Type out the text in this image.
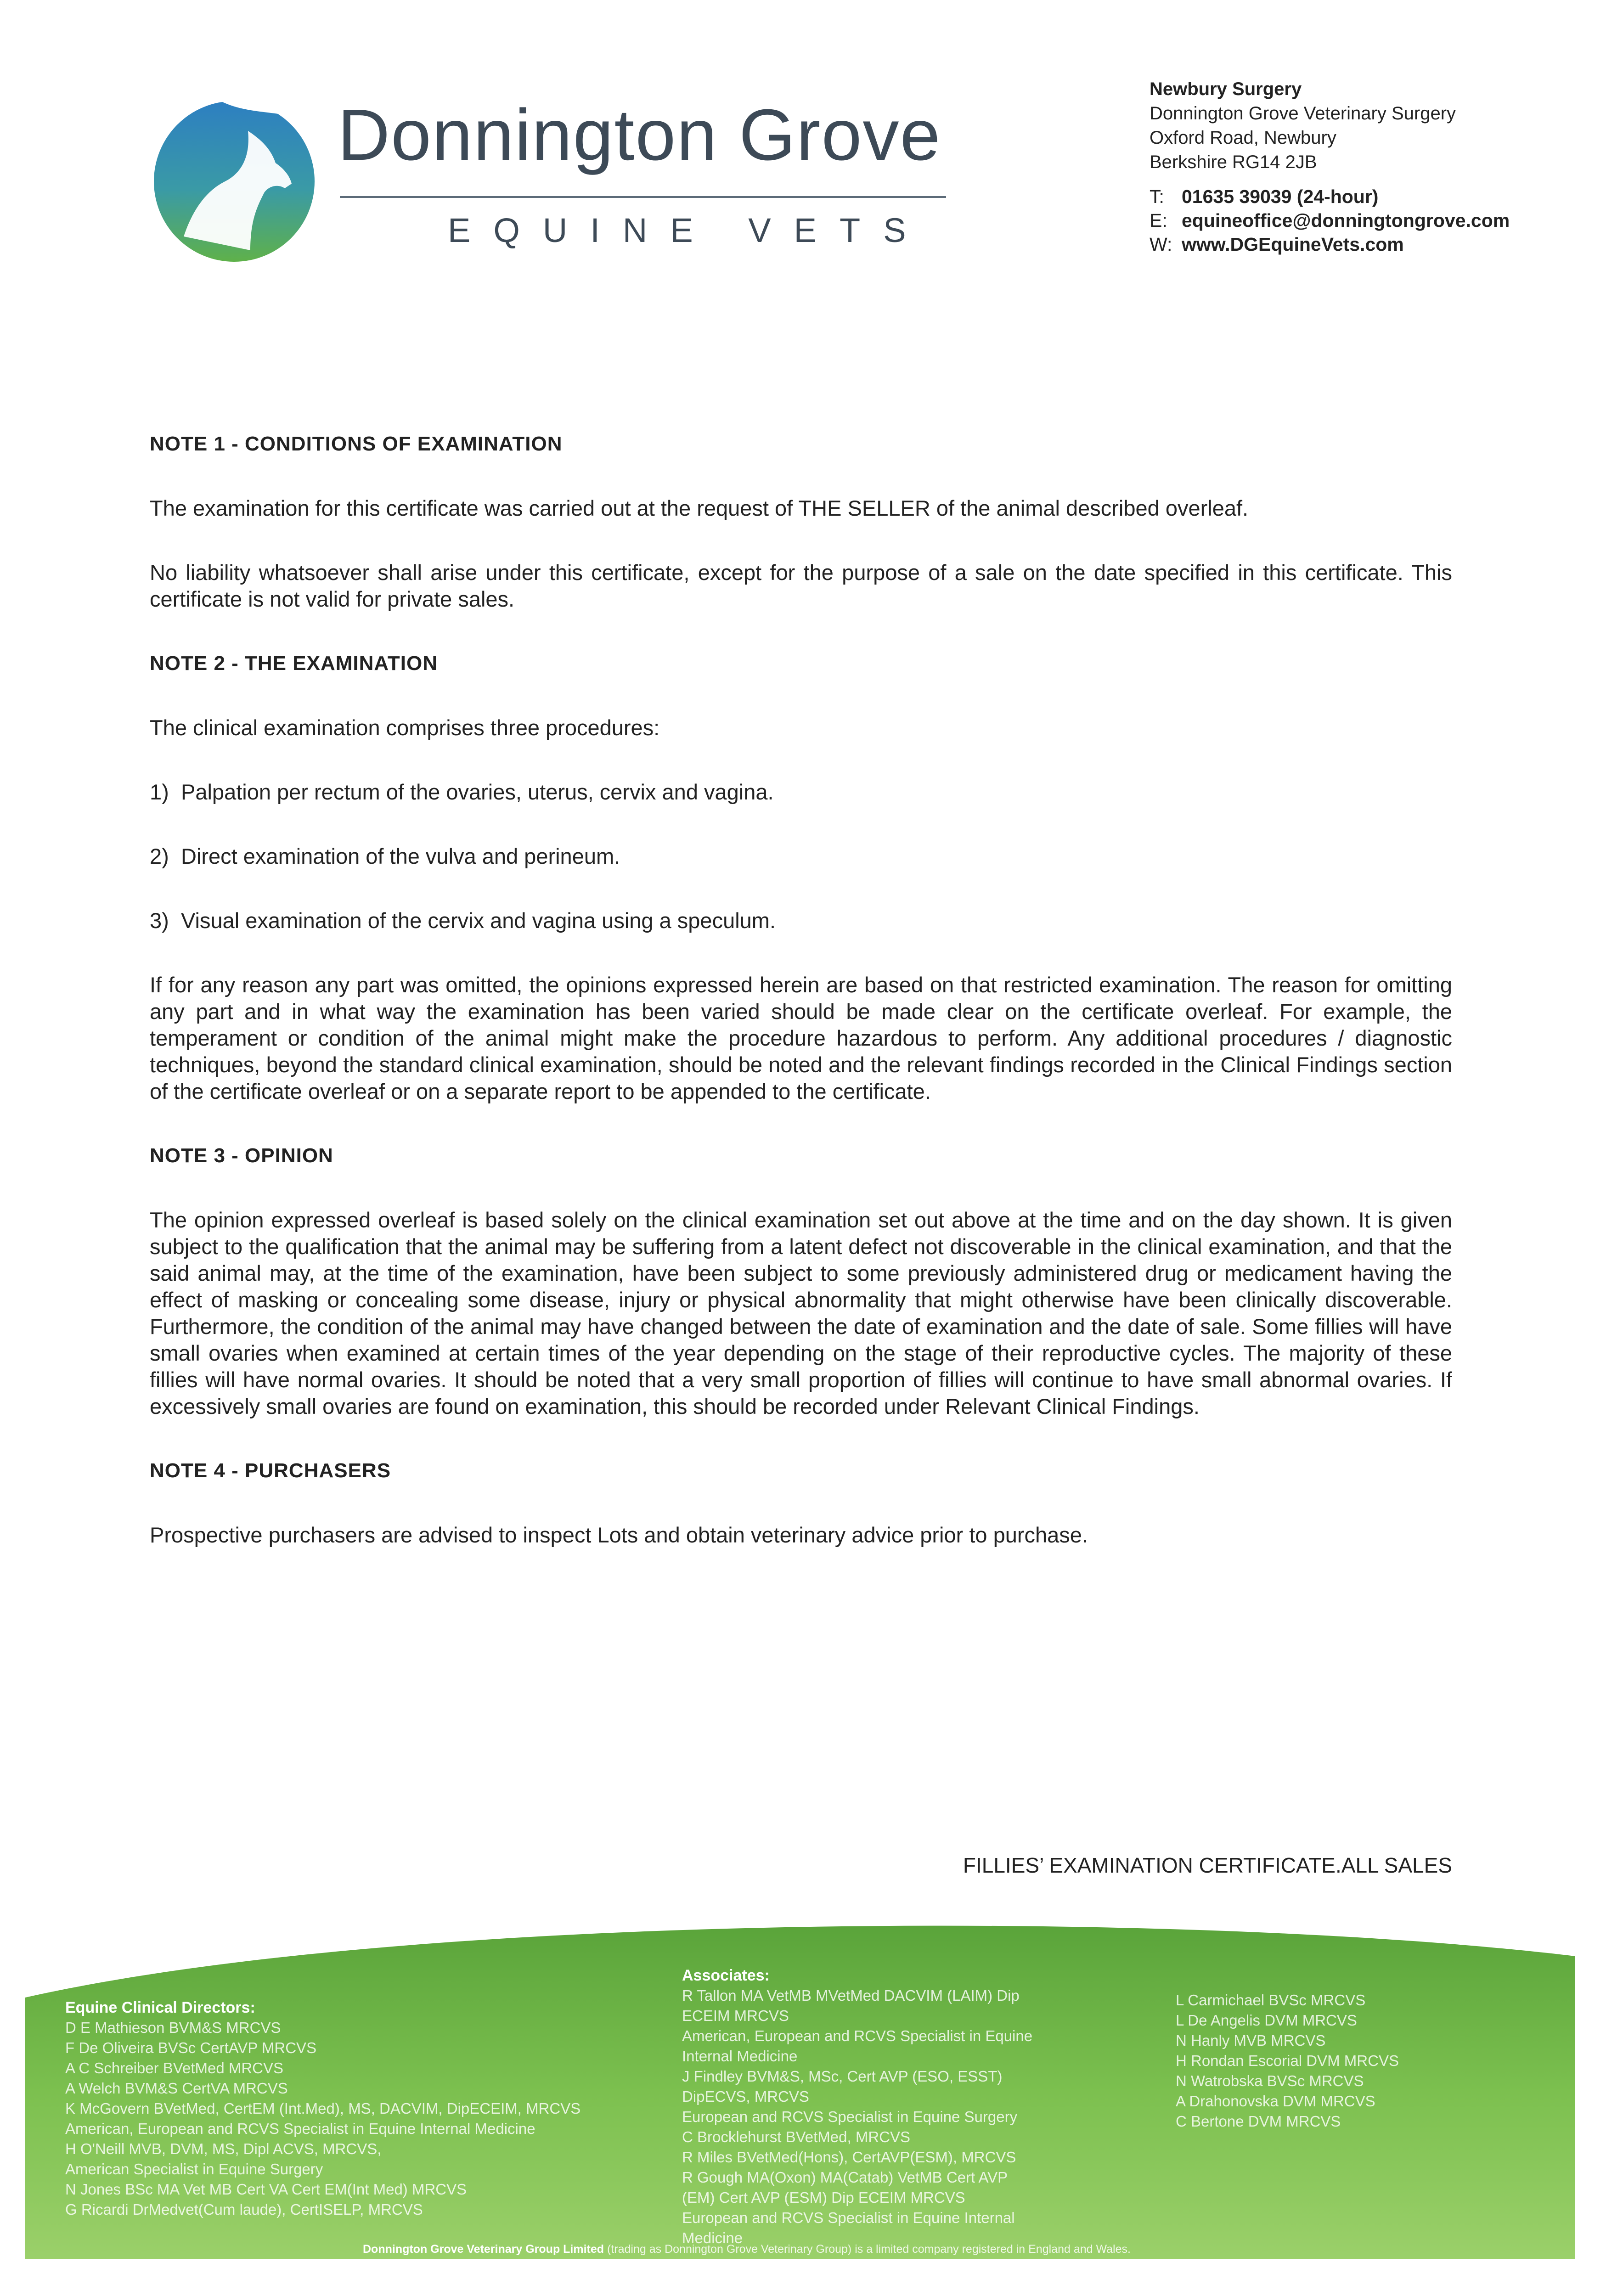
Donnington Grove
EQUINE VETS
Newbury Surgery
Donnington Grove Veterinary Surgery
Oxford Road, Newbury
Berkshire RG14 2JB
T: 01635 39039 (24-hour)
E: equineoffice@donningtongrove.com
W: www.DGEquineVets.com
NOTE 1 - CONDITIONS OF EXAMINATION
The examination for this certificate was carried out at the request of THE SELLER of the animal described overleaf.
No liability whatsoever shall arise under this certificate, except for the purpose of a sale on the date specified in this certificate. This certificate is not valid for private sales.
NOTE 2 - THE EXAMINATION
The clinical examination comprises three procedures:
1) Palpation per rectum of the ovaries, uterus, cervix and vagina.
2) Direct examination of the vulva and perineum.
3) Visual examination of the cervix and vagina using a speculum.
If for any reason any part was omitted, the opinions expressed herein are based on that restricted examination. The reason for omitting any part and in what way the examination has been varied should be made clear on the certificate overleaf. For example, the temperament or condition of the animal might make the procedure hazardous to perform. Any additional procedures / diagnostic techniques, beyond the standard clinical examination, should be noted and the relevant findings recorded in the Clinical Findings section of the certificate overleaf or on a separate report to be appended to the certificate.
NOTE 3 - OPINION
The opinion expressed overleaf is based solely on the clinical examination set out above at the time and on the day shown. It is given subject to the qualification that the animal may be suffering from a latent defect not discoverable in the clinical examination, and that the said animal may, at the time of the examination, have been subject to some previously administered drug or medicament having the effect of masking or concealing some disease, injury or physical abnormality that might otherwise have been clinically discoverable. Furthermore, the condition of the animal may have changed between the date of examination and the date of sale. Some fillies will have small ovaries when examined at certain times of the year depending on the stage of their reproductive cycles. The majority of these fillies will have normal ovaries. It should be noted that a very small proportion of fillies will continue to have small abnormal ovaries. If excessively small ovaries are found on examination, this should be recorded under Relevant Clinical Findings.
NOTE 4 - PURCHASERS
Prospective purchasers are advised to inspect Lots and obtain veterinary advice prior to purchase.
FILLIES’ EXAMINATION CERTIFICATE.ALL SALES
Equine Clinical Directors:
D E Mathieson BVM&S MRCVS
F De Oliveira BVSc CertAVP MRCVS
A C Schreiber BVetMed MRCVS
A Welch BVM&S CertVA MRCVS
K McGovern BVetMed, CertEM (Int.Med), MS, DACVIM, DipECEIM, MRCVS
American, European and RCVS Specialist in Equine Internal Medicine
H O'Neill MVB, DVM, MS, Dipl ACVS, MRCVS,
American Specialist in Equine Surgery
N Jones BSc MA Vet MB Cert VA Cert EM(Int Med) MRCVS
G Ricardi DrMedvet(Cum laude), CertISELP, MRCVS
Associates:
R Tallon MA VetMB MVetMed DACVIM (LAIM) Dip
ECEIM MRCVS
American, European and RCVS Specialist in Equine
Internal Medicine
J Findley BVM&S, MSc, Cert AVP (ESO, ESST)
DipECVS, MRCVS
European and RCVS Specialist in Equine Surgery
C Brocklehurst BVetMed, MRCVS
R Miles BVetMed(Hons), CertAVP(ESM), MRCVS
R Gough MA(Oxon) MA(Catab) VetMB Cert AVP
(EM) Cert AVP (ESM) Dip ECEIM MRCVS
European and RCVS Specialist in Equine Internal
Medicine
L Carmichael BVSc MRCVS
L De Angelis DVM MRCVS
N Hanly MVB MRCVS
H Rondan Escorial DVM MRCVS
N Watrobska BVSc MRCVS
A Drahonovska DVM MRCVS
C Bertone DVM MRCVS
Donnington Grove Veterinary Group Limited (trading as Donnington Grove Veterinary Group) is a limited company registered in England and Wales.
